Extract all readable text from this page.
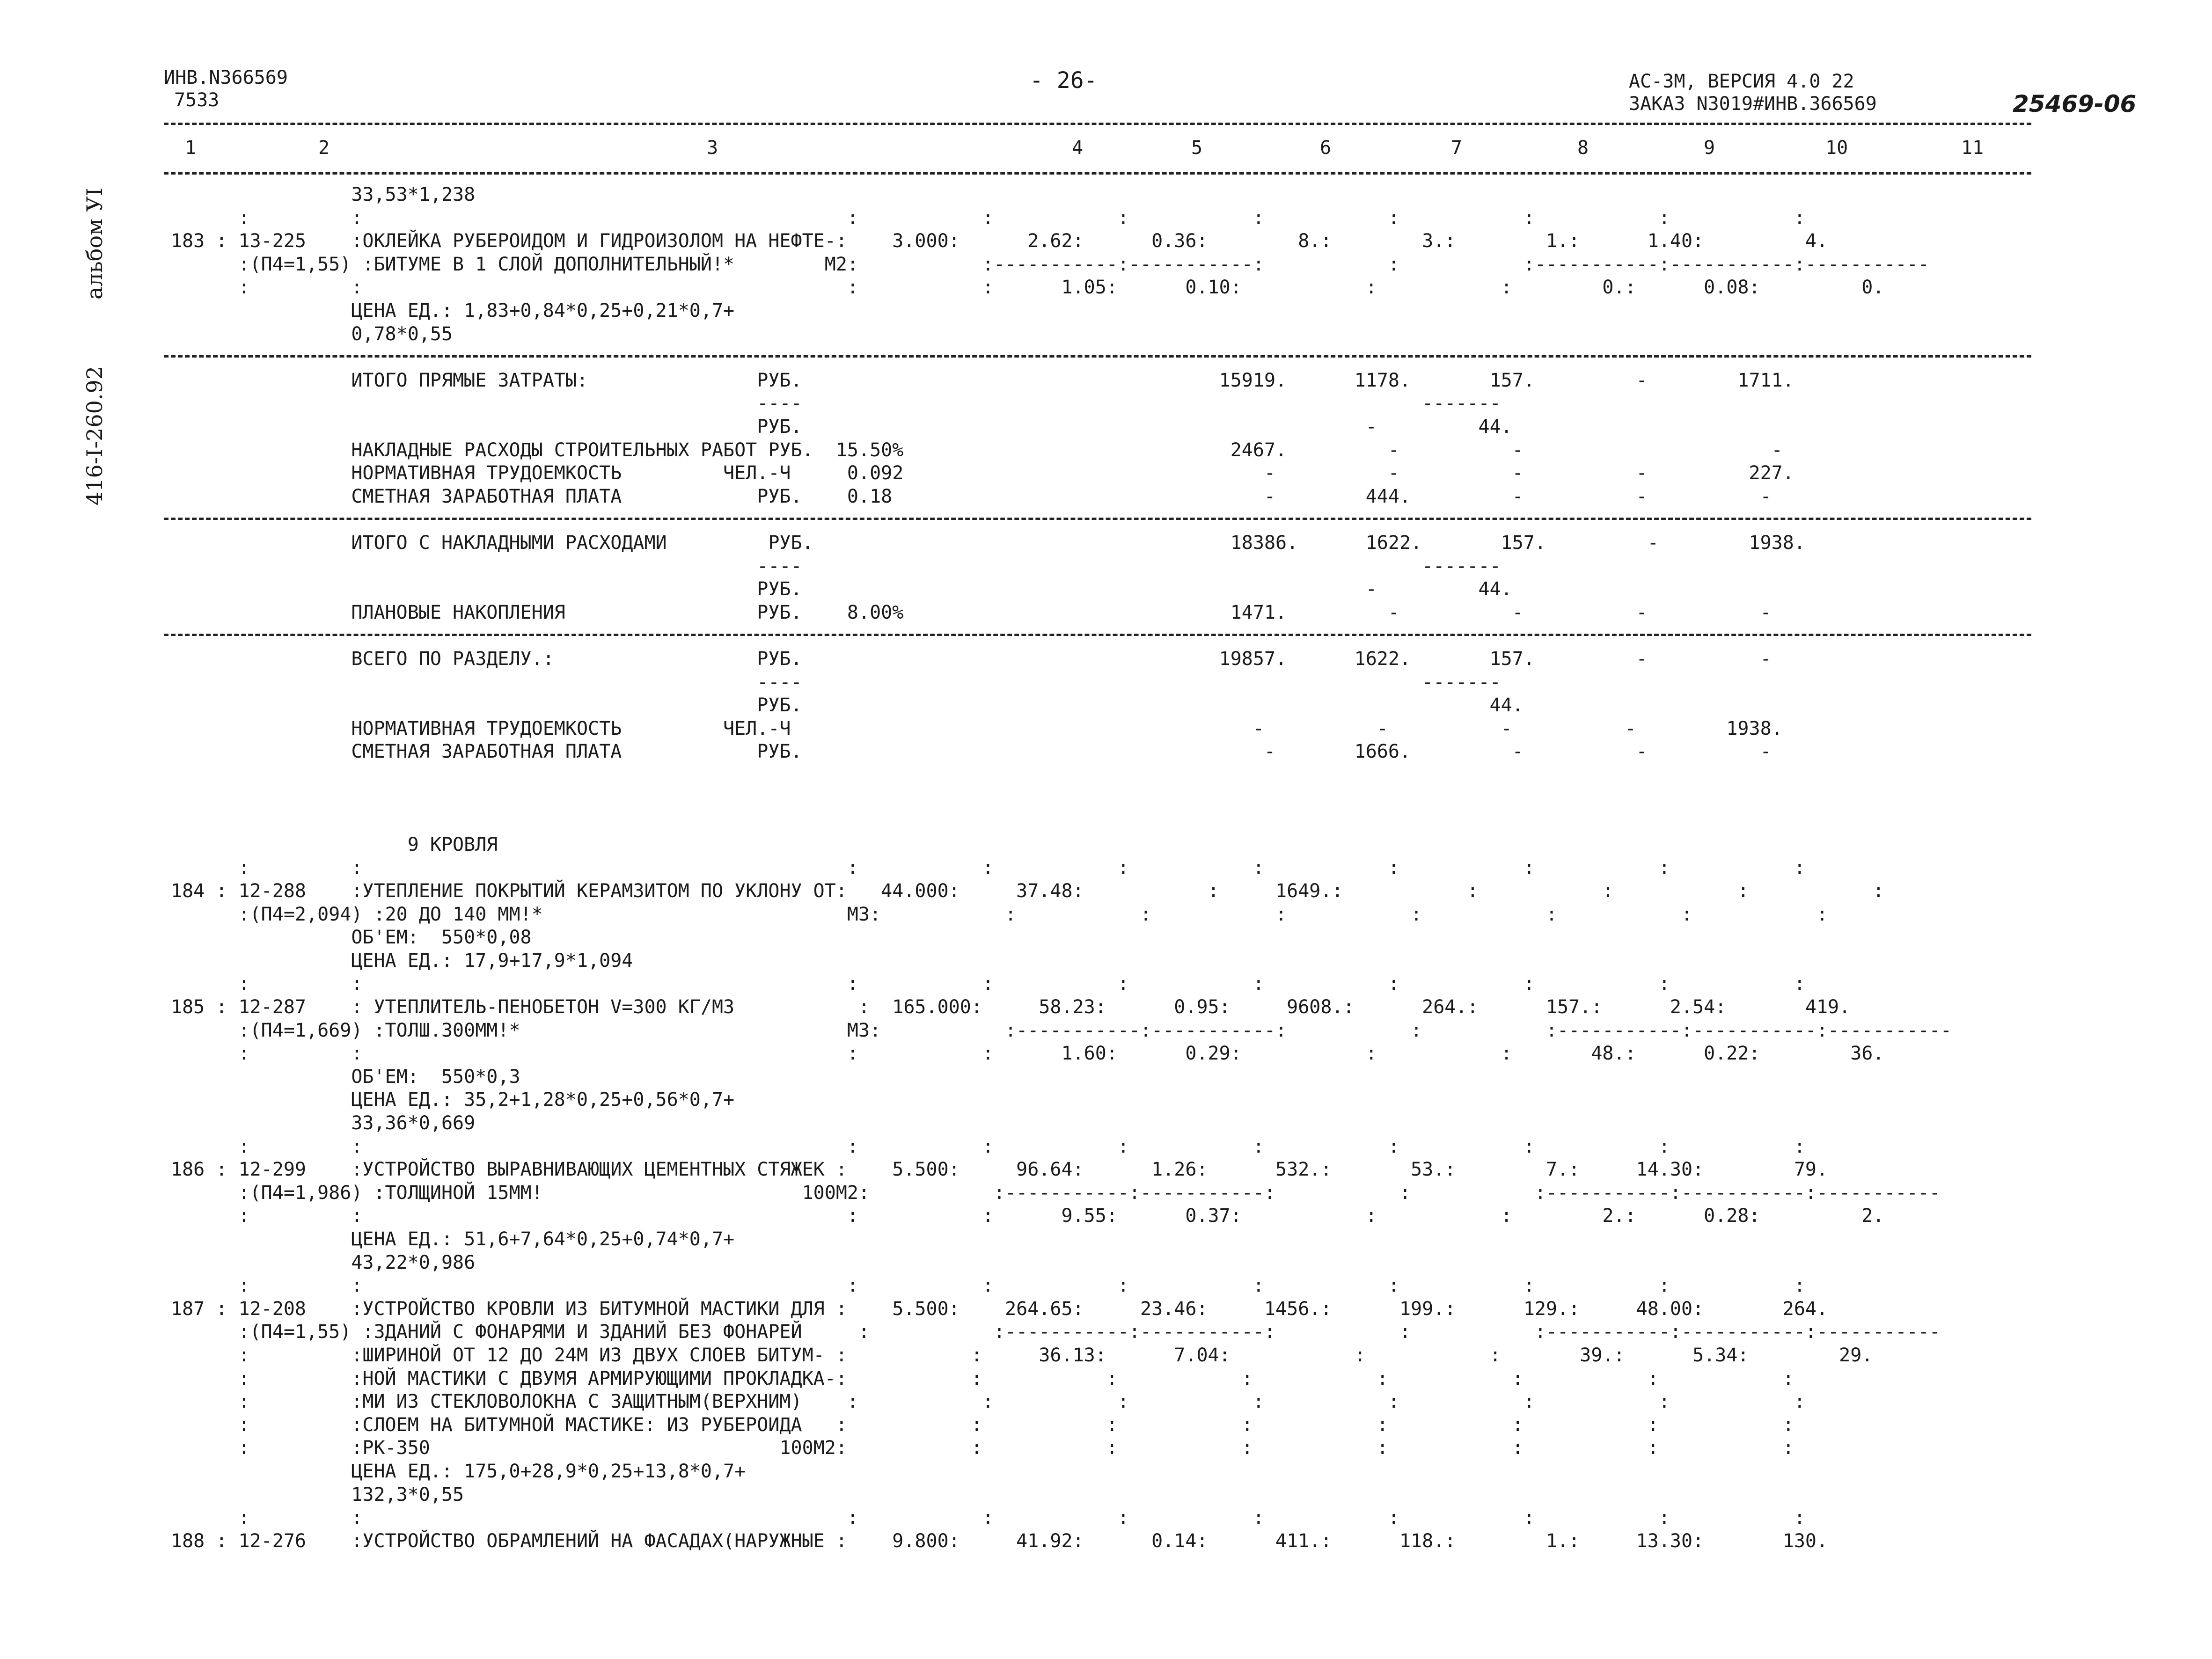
ИНВ.N366569
7533
- 26-	АС-3М, ВЕРСИЯ 4.0 22
ЗАКАЗ N3019#ИНВ.366569	25469-06
альбом УI
416-I-260.92
1	2	3	4	5	6	7	8	9	10	11
33,53*1,238
:         :                                           :           :           :           :           :           :           :           :
183 : 13-225    :ОКЛЕЙКА РУБЕРОИДОМ И ГИДРОИЗОЛОМ НА НЕФТЕ-:    3.000:      2.62:      0.36:        8.:        3.:        1.:      1.40:         4.
:(П4=1,55) :БИТУМЕ В 1 СЛОЙ ДОПОЛНИТЕЛЬНЫЙ!*        М2:           :-----------:-----------:           :           :-----------:-----------:-----------
:         :                                           :           :      1.05:      0.10:           :           :        0.:      0.08:         0.
ЦЕНА ЕД.: 1,83+0,84*0,25+0,21*0,7+
0,78*0,55
ИТОГО ПРЯМЫЕ ЗАТРАТЫ:               РУБ.                                     15919.      1178.       157.         -        1711.
----                                                       -------
РУБ.                                                  -         44.
НАКЛАДНЫЕ РАСХОДЫ СТРОИТЕЛЬНЫХ РАБОТ РУБ.  15.50%                             2467.         -          -                      -
НОРМАТИВНАЯ ТРУДОЕМКОСТЬ         ЧЕЛ.-Ч     0.092                                -          -          -          -         227.
СМЕТНАЯ ЗАРАБОТНАЯ ПЛАТА            РУБ.    0.18                                 -        444.         -          -          -
ИТОГО С НАКЛАДНЫМИ РАСХОДАМИ         РУБ.                                     18386.      1622.       157.         -        1938.
----                                                       -------
РУБ.                                                  -         44.
ПЛАНОВЫЕ НАКОПЛЕНИЯ                 РУБ.    8.00%                             1471.         -          -          -          -
ВСЕГО ПО РАЗДЕЛУ.:                  РУБ.                                     19857.      1622.       157.         -          -
----                                                       -------
РУБ.                                                             44.
НОРМАТИВНАЯ ТРУДОЕМКОСТЬ         ЧЕЛ.-Ч                                         -          -          -          -        1938.
СМЕТНАЯ ЗАРАБОТНАЯ ПЛАТА            РУБ.                                         -       1666.         -          -          -
9 КРОВЛЯ
:         :                                           :           :           :           :           :           :           :           :
184 : 12-288    :УТЕПЛЕНИЕ ПОКРЫТИЙ КЕРАМЗИТОМ ПО УКЛОНУ ОТ:   44.000:     37.48:           :     1649.:           :           :           :           :
:(П4=2,094) :20 ДО 140 ММ!*                           М3:           :           :           :           :           :           :           :
ОБ'ЕМ:  550*0,08
ЦЕНА ЕД.: 17,9+17,9*1,094
:         :                                           :           :           :           :           :           :           :           :
185 : 12-287    : УТЕПЛИТЕЛЬ-ПЕНОБЕТОН V=300 КГ/М3           :  165.000:     58.23:      0.95:     9608.:      264.:      157.:      2.54:       419.
:(П4=1,669) :ТОЛШ.300ММ!*                             М3:           :-----------:-----------:           :           :-----------:-----------:-----------
:         :                                           :           :      1.60:      0.29:           :           :       48.:      0.22:        36.
ОБ'ЕМ:  550*0,3
ЦЕНА ЕД.: 35,2+1,28*0,25+0,56*0,7+
33,36*0,669
:         :                                           :           :           :           :           :           :           :           :
186 : 12-299    :УСТРОЙСТВО ВЫРАВНИВАЮЩИХ ЦЕМЕНТНЫХ СТЯЖЕК :    5.500:     96.64:      1.26:      532.:       53.:        7.:     14.30:        79.
:(П4=1,986) :ТОЛЩИНОЙ 15ММ!                       100М2:           :-----------:-----------:           :           :-----------:-----------:-----------
:         :                                           :           :      9.55:      0.37:           :           :        2.:      0.28:         2.
ЦЕНА ЕД.: 51,6+7,64*0,25+0,74*0,7+
43,22*0,986
:         :                                           :           :           :           :           :           :           :           :
187 : 12-208    :УСТРОЙСТВО КРОВЛИ ИЗ БИТУМНОЙ МАСТИКИ ДЛЯ :    5.500:    264.65:     23.46:     1456.:      199.:      129.:     48.00:       264.
:(П4=1,55) :ЗДАНИЙ С ФОНАРЯМИ И ЗДАНИЙ БЕЗ ФОНАРЕЙ     :           :-----------:-----------:           :           :-----------:-----------:-----------
:         :ШИРИНОЙ ОТ 12 ДО 24М ИЗ ДВУХ СЛОЕВ БИТУМ- :           :     36.13:      7.04:           :           :       39.:      5.34:        29.
:         :НОЙ МАСТИКИ С ДВУМЯ АРМИРУЮЩИМИ ПРОКЛАДКА-:           :           :           :           :           :           :           :
:         :МИ ИЗ СТЕКЛОВОЛОКНА С ЗАЩИТНЫМ(ВЕРХНИМ)    :           :           :           :           :           :           :           :
:         :СЛОЕМ НА БИТУМНОЙ МАСТИКЕ: ИЗ РУБЕРОИДА   :           :           :           :           :           :           :           :
:         :РК-350                               100М2:           :           :           :           :           :           :           :
ЦЕНА ЕД.: 175,0+28,9*0,25+13,8*0,7+
132,3*0,55
:         :                                           :           :           :           :           :           :           :           :
188 : 12-276    :УСТРОЙСТВО ОБРАМЛЕНИЙ НА ФАСАДАХ(НАРУЖНЫЕ :    9.800:     41.92:      0.14:      411.:      118.:        1.:     13.30:       130.
